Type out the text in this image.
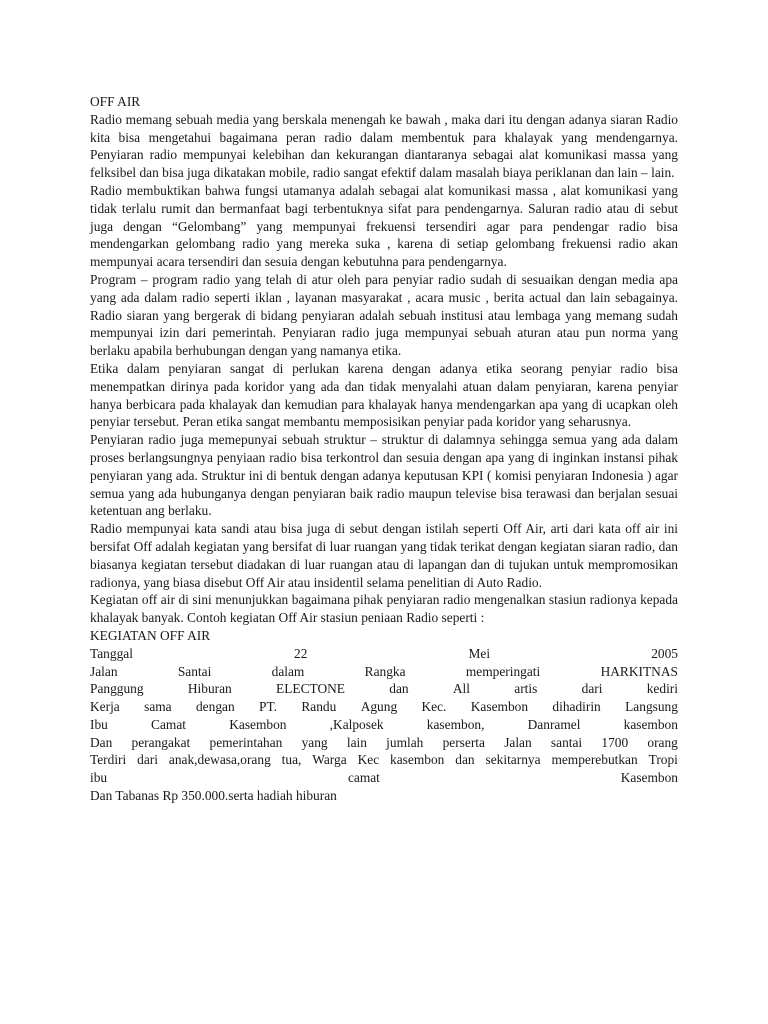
OFF AIR

Radio memang sebuah media yang berskala menengah ke bawah , maka dari itu dengan adanya siaran Radio kita bisa mengetahui bagaimana peran radio dalam membentuk para khalayak yang mendengarnya. Penyiaran radio mempunyai kelebihan dan kekurangan diantaranya sebagai alat komunikasi massa yang felksibel dan bisa juga dikatakan mobile, radio sangat efektif dalam masalah biaya periklanan dan lain – lain.

Radio membuktikan bahwa fungsi utamanya adalah sebagai alat komunikasi massa , alat komunikasi yang tidak terlalu rumit dan bermanfaat bagi terbentuknya sifat para pendengarnya. Saluran radio atau di sebut juga dengan “Gelombang” yang mempunyai frekuensi tersendiri agar para pendengar radio bisa mendengarkan gelombang radio yang mereka suka , karena di setiap gelombang frekuensi radio akan mempunyai acara tersendiri dan sesuia dengan kebutuhna para pendengarnya.

Program – program radio yang telah di atur oleh para penyiar radio sudah di sesuaikan dengan media apa yang ada dalam radio seperti iklan , layanan masyarakat , acara music , berita actual dan lain sebagainya. Radio siaran yang bergerak di bidang penyiaran adalah sebuah institusi atau lembaga yang memang sudah mempunyai izin dari pemerintah. Penyiaran radio juga mempunyai sebuah aturan atau pun norma yang berlaku apabila berhubungan dengan yang namanya etika.

Etika dalam penyiaran sangat di perlukan karena dengan adanya etika seorang penyiar radio bisa menempatkan dirinya pada koridor yang ada dan tidak menyalahi atuan dalam penyiaran, karena penyiar hanya berbicara pada khalayak dan kemudian para khalayak hanya mendengarkan apa yang di ucapkan oleh penyiar tersebut. Peran etika sangat membantu memposisikan penyiar pada koridor yang seharusnya.

Penyiaran radio juga memepunyai sebuah struktur – struktur di dalamnya sehingga semua yang ada dalam proses berlangsungnya penyiaan radio bisa terkontrol dan sesuia dengan apa yang di inginkan instansi pihak penyiaran yang ada. Struktur ini di bentuk dengan adanya keputusan KPI ( komisi penyiaran Indonesia ) agar semua yang ada hubunganya dengan penyiaran baik radio maupun televise bisa terawasi dan berjalan sesuai ketentuan ang berlaku.

Radio mempunyai kata sandi atau bisa juga di sebut dengan istilah seperti Off Air, arti dari kata off air ini bersifat Off adalah kegiatan yang bersifat di luar ruangan yang tidak terikat dengan kegiatan siaran radio, dan biasanya kegiatan tersebut diadakan di luar ruangan atau di lapangan dan di tujukan untuk mempromosikan radionya, yang biasa disebut Off Air atau insidentil selama penelitian di Auto Radio.

Kegiatan off air di sini menunjukkan bagaimana pihak penyiaran radio mengenalkan stasiun radionya kepada khalayak banyak. Contoh kegiatan Off Air stasiun peniaan Radio seperti :

KEGIATAN OFF AIR

Tanggal	22	Mei	2005
Jalan	Santai	dalam	Rangka	memperingati	HARKITNAS
Panggung	Hiburan	ELECTONE	dan	All	artis	dari	kediri
Kerja sama dengan PT. Randu Agung Kec. Kasembon dihadirin Langsung
Ibu	Camat	Kasembon	,Kalposek	kasembon,	Danramel	kasembon
Dan perangakat pemerintahan yang lain jumlah perserta Jalan santai 1700 orang
Terdiri dari anak,dewasa,orang tua, Warga Kec kasembon dan sekitarnya memperebutkan Tropi
ibu	camat	Kasembon

Dan Tabanas Rp 350.000.serta hadiah hiburan
